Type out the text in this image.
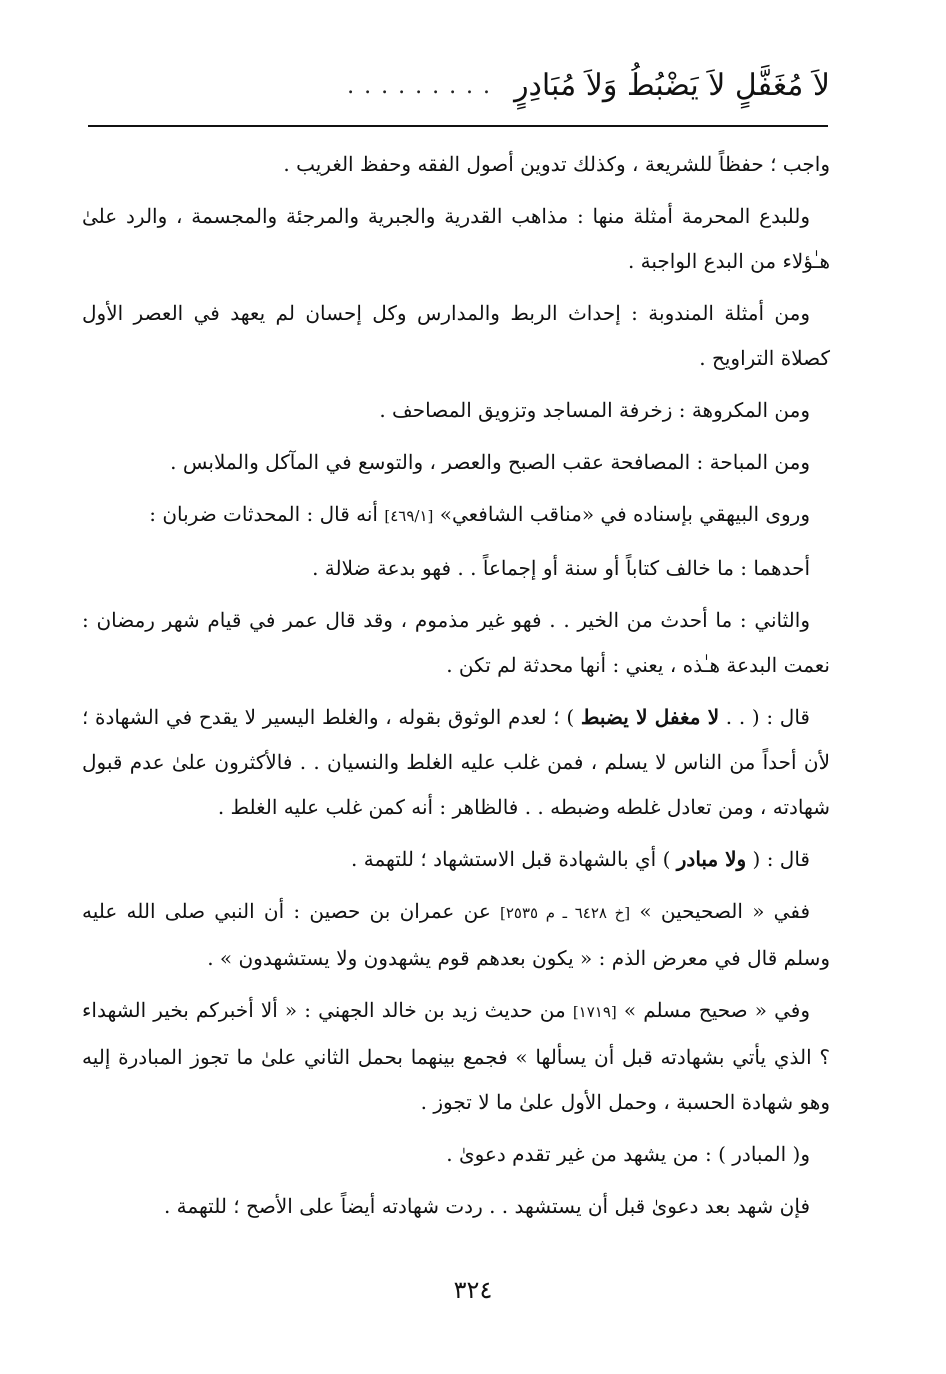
لاَ مُغَفَّلٍ لاَ يَضْبُطُ وَلاَ مُبَادِرٍ
.........

واجب ؛ حفظاً للشريعة ، وكذلك تدوين أصول الفقه وحفظ الغريب .

وللبدع المحرمة أمثلة منها : مذاهب القدرية والجبرية والمرجئة والمجسمة ، والرد علىٰ هـٰؤلاء من البدع الواجبة .

ومن أمثلة المندوبة : إحداث الربط والمدارس وكل إحسان لم يعهد في العصر الأول كصلاة التراويح .

ومن المكروهة : زخرفة المساجد وتزويق المصاحف .

ومن المباحة : المصافحة عقب الصبح والعصر ، والتوسع في المآكل والملابس .

وروى البيهقي بإسناده في «مناقب الشافعي» [٤٦٩/١] أنه قال : المحدثات ضربان :

أحدهما : ما خالف كتاباً أو سنة أو إجماعاً . . فهو بدعة ضلالة .

والثاني : ما أحدث من الخير . . فهو غير مذموم ، وقد قال عمر في قيام شهر رمضان : نعمت البدعة هـٰذه ، يعني : أنها محدثة لم تكن .

قال : ( . . لا مغفل لا يضبط ) ؛ لعدم الوثوق بقوله ، والغلط اليسير لا يقدح في الشهادة ؛ لأن أحداً من الناس لا يسلم ، فمن غلب عليه الغلط والنسيان . . فالأكثرون علىٰ عدم قبول شهادته ، ومن تعادل غلطه وضبطه . . فالظاهر : أنه كمن غلب عليه الغلط .

قال : ( ولا مبادر ) أي بالشهادة قبل الاستشهاد ؛ للتهمة .

ففي « الصحيحين » [خ ٦٤٢٨ ـ م ٢٥٣٥] عن عمران بن حصين : أن النبي صلى الله عليه وسلم قال في معرض الذم : « يكون بعدهم قوم يشهدون ولا يستشهدون » .

وفي « صحيح مسلم » [١٧١٩] من حديث زيد بن خالد الجهني : « ألا أخبركم بخير الشهداء ؟ الذي يأتي بشهادته قبل أن يسألها » فجمع بينهما بحمل الثاني علىٰ ما تجوز المبادرة إليه وهو شهادة الحسبة ، وحمل الأول علىٰ ما لا تجوز .

و( المبادر ) : من يشهد من غير تقدم دعوىٰ .

فإن شهد بعد دعوىٰ قبل أن يستشهد . . ردت شهادته أيضاً على الأصح ؛ للتهمة .

٣٢٤
